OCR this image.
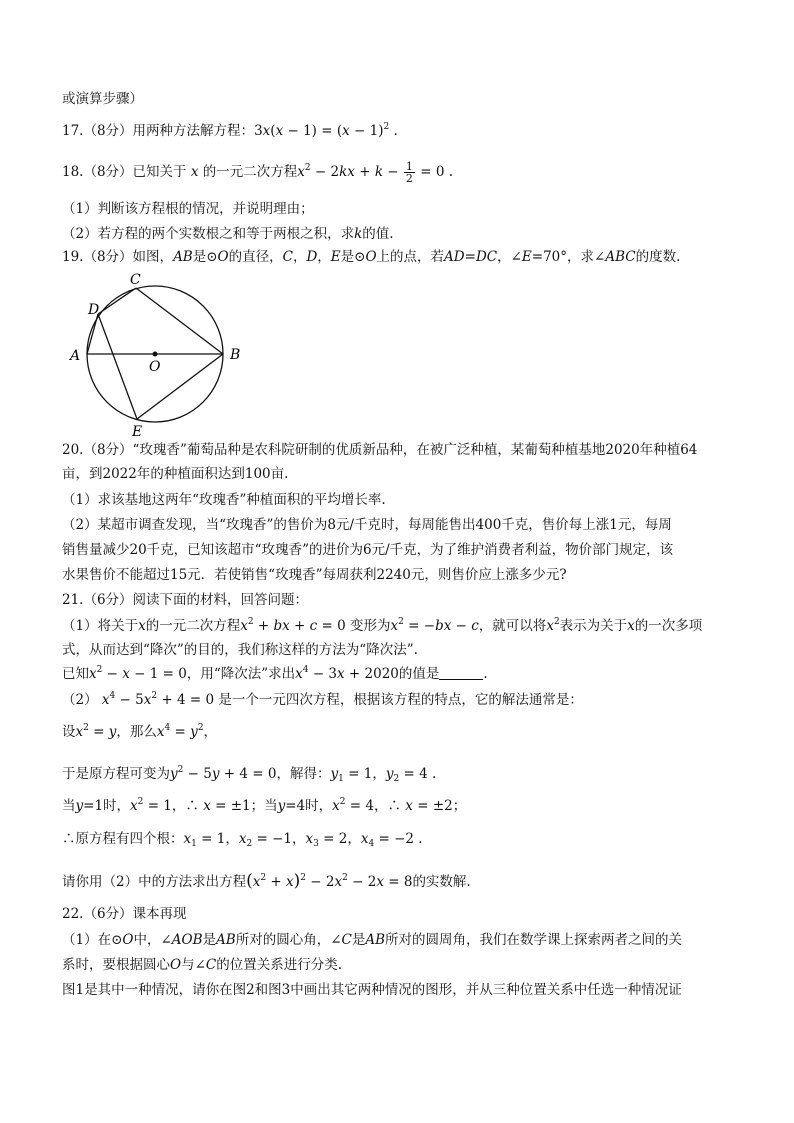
或演算步骤）
17.（8分）用两种方法解方程：$3x(x - 1) = (x - 1)^2$ .
18.（8分）已知关于 x 的一元二次方程$x^2 - 2kx + k - \frac{1}{2} = 0$ .
（1）判断该方程根的情况，并说明理由；
（2）若方程的两个实数根之和等于两根之积，求k的值.
19.（8分）如图，AB是⊙O的直径，C，D，E是⊙O上的点，若AD=DC，∠E=70°，求∠ABC的度数.
A	B
C
D
E
O
20.（8分）“玫瑰香”葡萄品种是农科院研制的优质新品种，在被广泛种植，某葡萄种植基地2020年种植64
亩，到2022年的种植面积达到100亩.
（1）求该基地这两年“玫瑰香”种植面积的平均增长率.
（2）某超市调查发现，当“玫瑰香”的售价为8元/千克时，每周能售出400千克，售价每上涨1元，每周
销售量减少20千克，已知该超市“玫瑰香”的进价为6元/千克，为了维护消费者利益，物价部门规定，该
水果售价不能超过15元．若使销售“玫瑰香”每周获利2240元，则售价应上涨多少元?
21.（6分）阅读下面的材料，回答问题：
（1）将关于x的一元二次方程$x^2$ + bx + c = 0 变形为$x^2 = -bx - c$，就可以将$x^2$表示为关于x的一次多项
式，从而达到“降次”的目的，我们称这样的方法为“降次法”.
已知$x^2 - x - 1 = 0$，用“降次法”求出$x^4 - 3x + 2020$的值是	.
（2） $x^4 - 5x^2 + 4 = 0$ 是一个一元四次方程，根据该方程的特点，它的解法通常是：
设$x^2 = y$，那么$x^4 = y^2$，
于是原方程可变为$y^2 - 5y + 4 = 0$，解得：$y_1 = 1$，$y_2 = 4$ .
当y=1时，$x^2 = 1$，∴ x = ±1；当y=4时，$x^2 = 4$，∴ x = ±2；
∴原方程有四个根：$x_1 = 1$，$x_2 = -1$，$x_3 = 2$，$x_4 = -2$ .
请你用（2）中的方法求出方程$(x^2 + x)^2 - 2x^2 - 2x = 8$的实数解.
22.（6分）课本再现
（1）在⊙O中，∠AOB是AB所对的圆心角，∠C是AB所对的圆周角，我们在数学课上探索两者之间的关
系时，要根据圆心O与∠C的位置关系进行分类.
图1是其中一种情况，请你在图2和图3中画出其它两种情况的图形，并从三种位置关系中任选一种情况证
